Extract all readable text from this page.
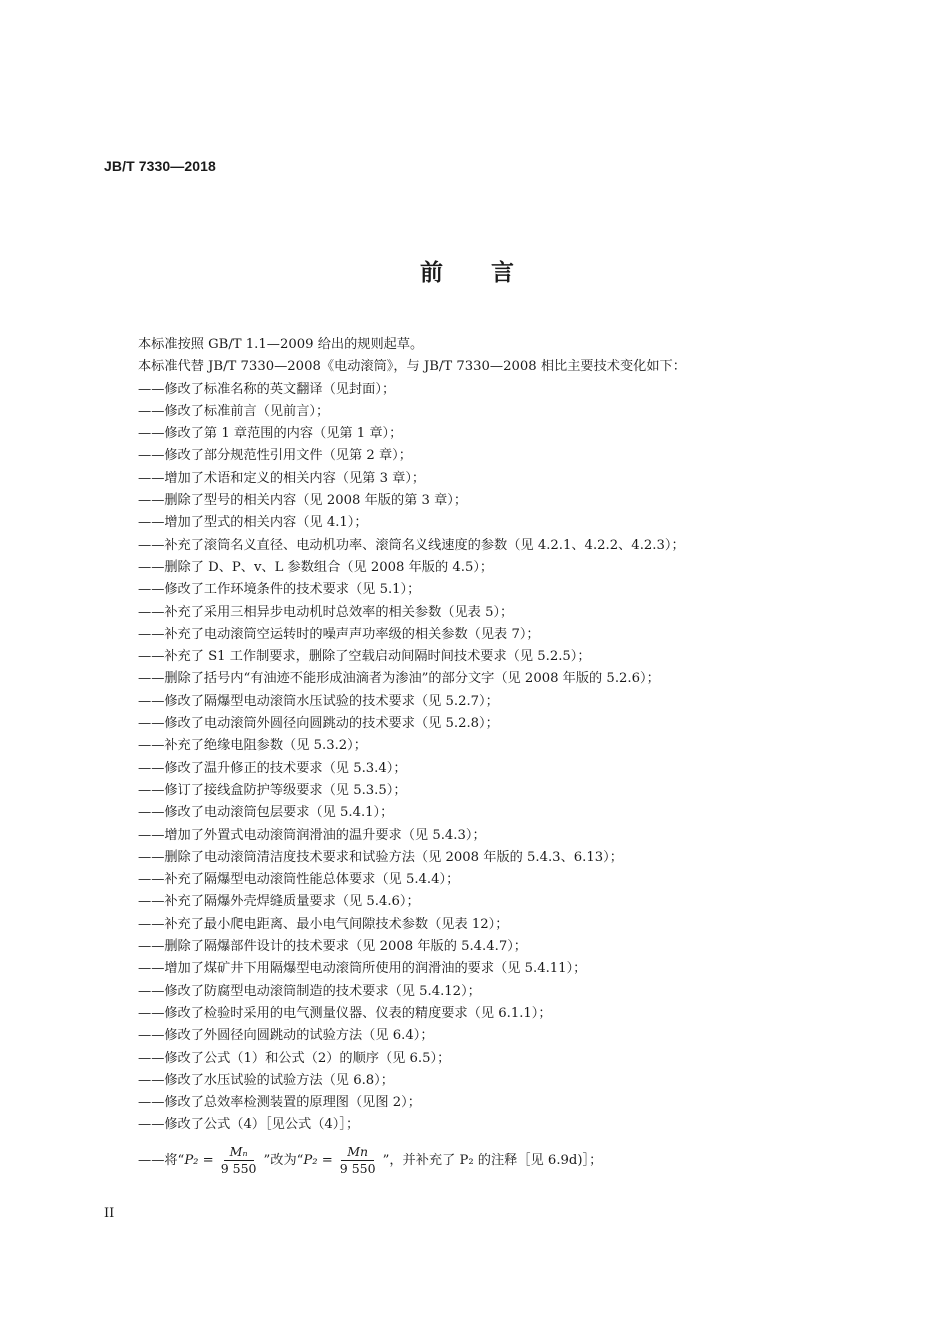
JB/T 7330—2018
前言
本标准按照 GB/T 1.1—2009 给出的规则起草。
本标准代替 JB/T 7330—2008《电动滚筒》，与 JB/T 7330—2008 相比主要技术变化如下：
——修改了标准名称的英文翻译（见封面）；
——修改了标准前言（见前言）；
——修改了第 1 章范围的内容（见第 1 章）；
——修改了部分规范性引用文件（见第 2 章）；
——增加了术语和定义的相关内容（见第 3 章）；
——删除了型号的相关内容（见 2008 年版的第 3 章）；
——增加了型式的相关内容（见 4.1）；
——补充了滚筒名义直径、电动机功率、滚筒名义线速度的参数（见 4.2.1、4.2.2、4.2.3）；
——删除了 D、P、v、L 参数组合（见 2008 年版的 4.5）；
——修改了工作环境条件的技术要求（见 5.1）；
——补充了采用三相异步电动机时总效率的相关参数（见表 5）；
——补充了电动滚筒空运转时的噪声声功率级的相关参数（见表 7）；
——补充了 S1 工作制要求，删除了空载启动间隔时间技术要求（见 5.2.5）；
——删除了括号内“有油迹不能形成油滴者为渗油”的部分文字（见 2008 年版的 5.2.6）；
——修改了隔爆型电动滚筒水压试验的技术要求（见 5.2.7）；
——修改了电动滚筒外圆径向圆跳动的技术要求（见 5.2.8）；
——补充了绝缘电阻参数（见 5.3.2）；
——修改了温升修正的技术要求（见 5.3.4）；
——修订了接线盒防护等级要求（见 5.3.5）；
——修改了电动滚筒包层要求（见 5.4.1）；
——增加了外置式电动滚筒润滑油的温升要求（见 5.4.3）；
——删除了电动滚筒清洁度技术要求和试验方法（见 2008 年版的 5.4.3、6.13）；
——补充了隔爆型电动滚筒性能总体要求（见 5.4.4）；
——补充了隔爆外壳焊缝质量要求（见 5.4.6）；
——补充了最小爬电距离、最小电气间隙技术参数（见表 12）；
——删除了隔爆部件设计的技术要求（见 2008 年版的 5.4.4.7）；
——增加了煤矿井下用隔爆型电动滚筒所使用的润滑油的要求（见 5.4.11）；
——修改了防腐型电动滚筒制造的技术要求（见 5.4.12）；
——修改了检验时采用的电气测量仪器、仪表的精度要求（见 6.1.1）；
——修改了外圆径向圆跳动的试验方法（见 6.4）；
——修改了公式（1）和公式（2）的顺序（见 6.5）；
——修改了水压试验的试验方法（见 6.8）；
——修改了总效率检测装置的原理图（见图 2）；
——修改了公式（4）［见公式（4）］；
——将“ $P_2 = \frac{\text{Mₙ}}{9 550}$ ”改为“ $P_2 = \frac{Mn}{9 550}$ ”，并补充了 P₂ 的注释［见 6.9d)］；
II
